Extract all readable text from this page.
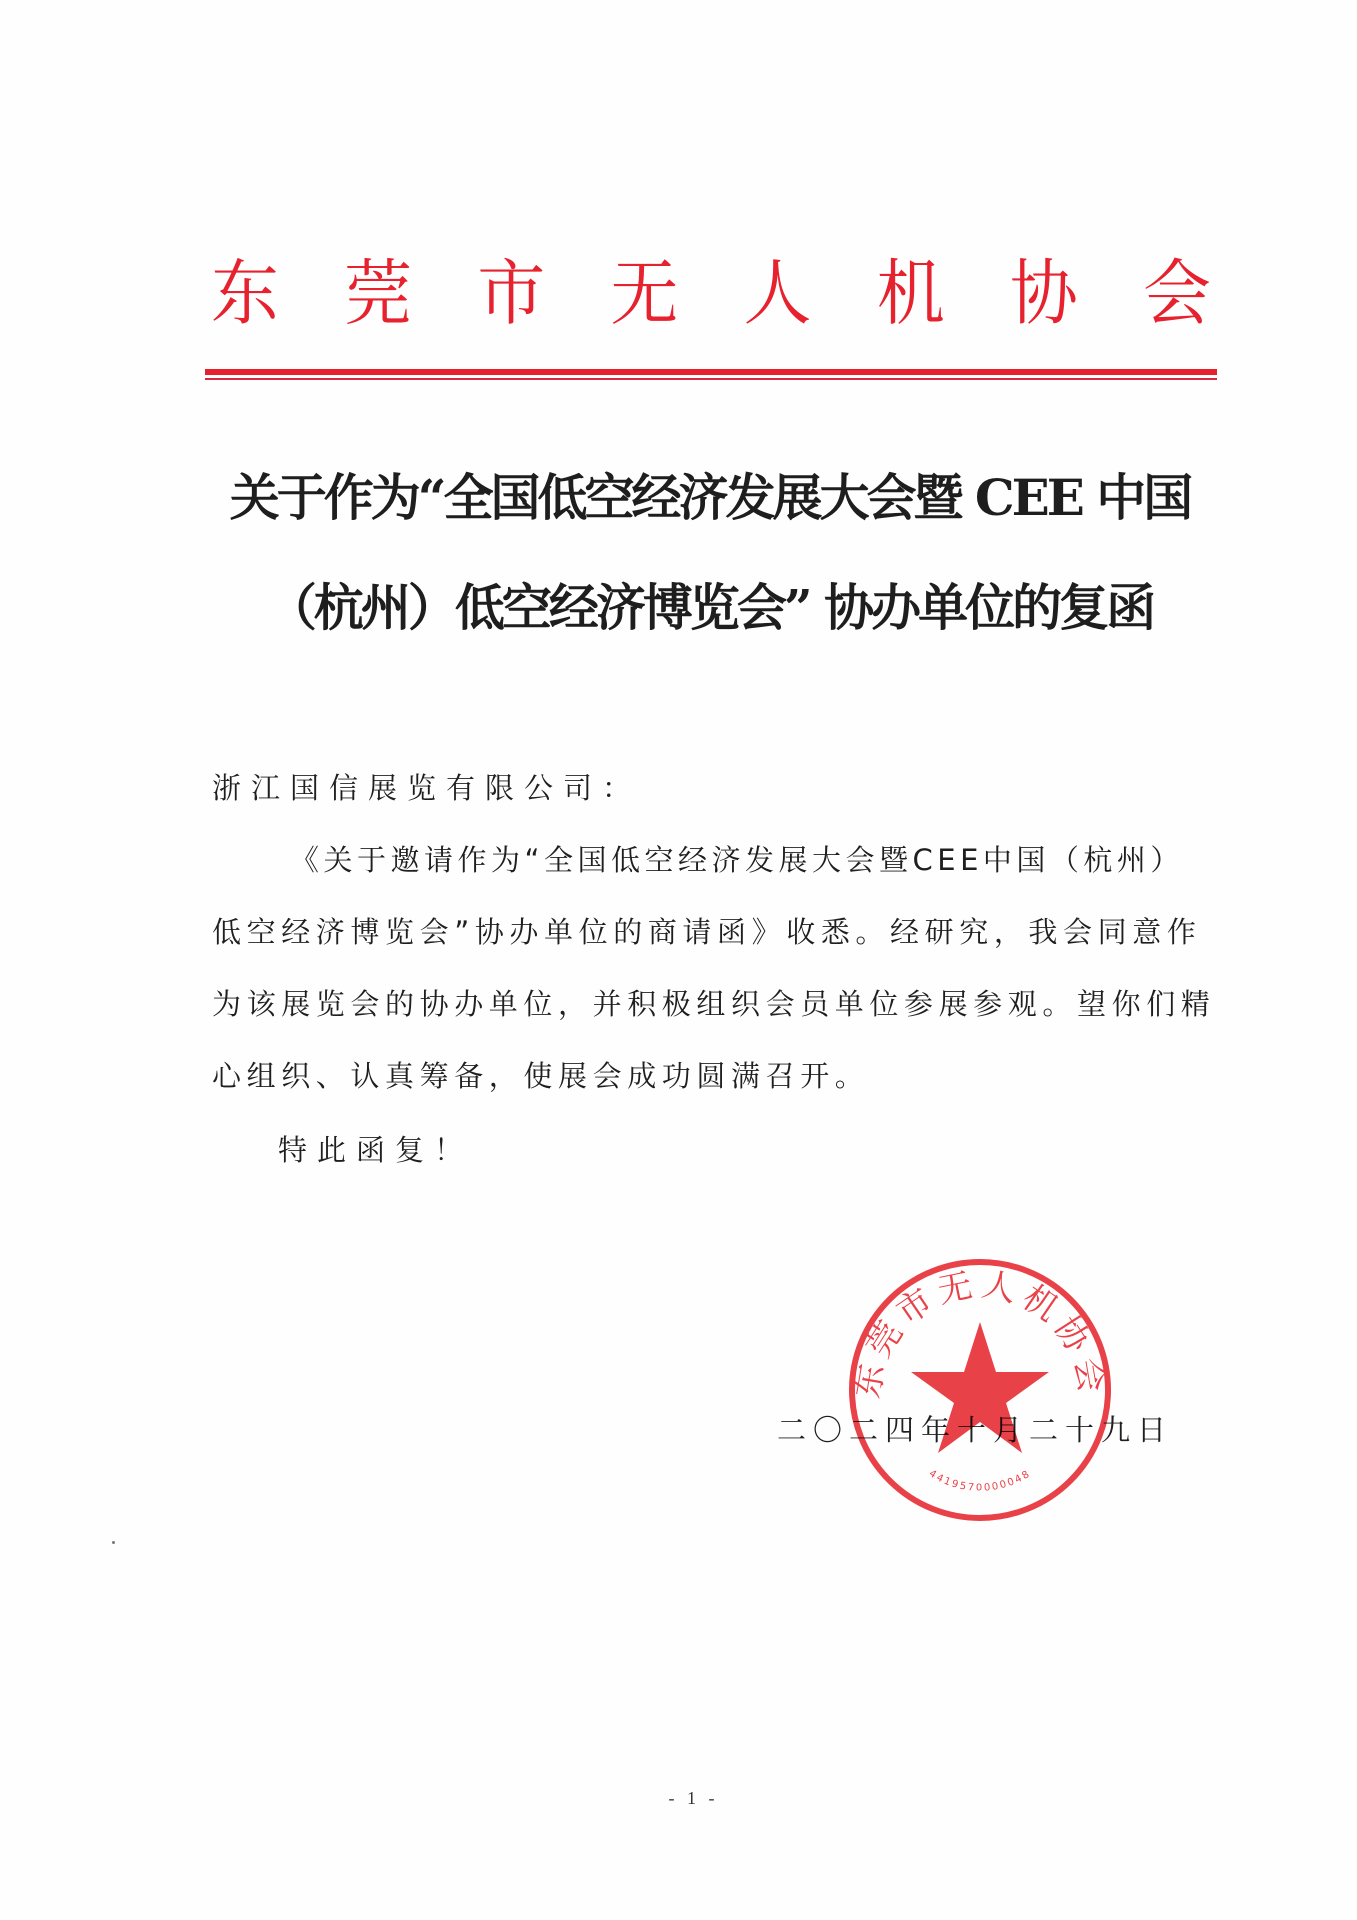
东 莞 市 无 人 机 协 会
关于作为“全国低空经济发展大会暨 CEE 中国
（杭州）低空经济博览会” 协办单位的复函
浙江国信展览有限公司：
《关于邀请作为“全国低空经济发展大会暨CEE中国（杭州）
低空经济博览会”协办单位的商请函》收悉。经研究，我会同意作
为该展览会的协办单位，并积极组织会员单位参展参观。望你们精
心组织、认真筹备，使展会成功圆满召开。
特此函复！
二〇二四年十月二十九日
东莞市无人机协会
4419570000048
- 1 -
